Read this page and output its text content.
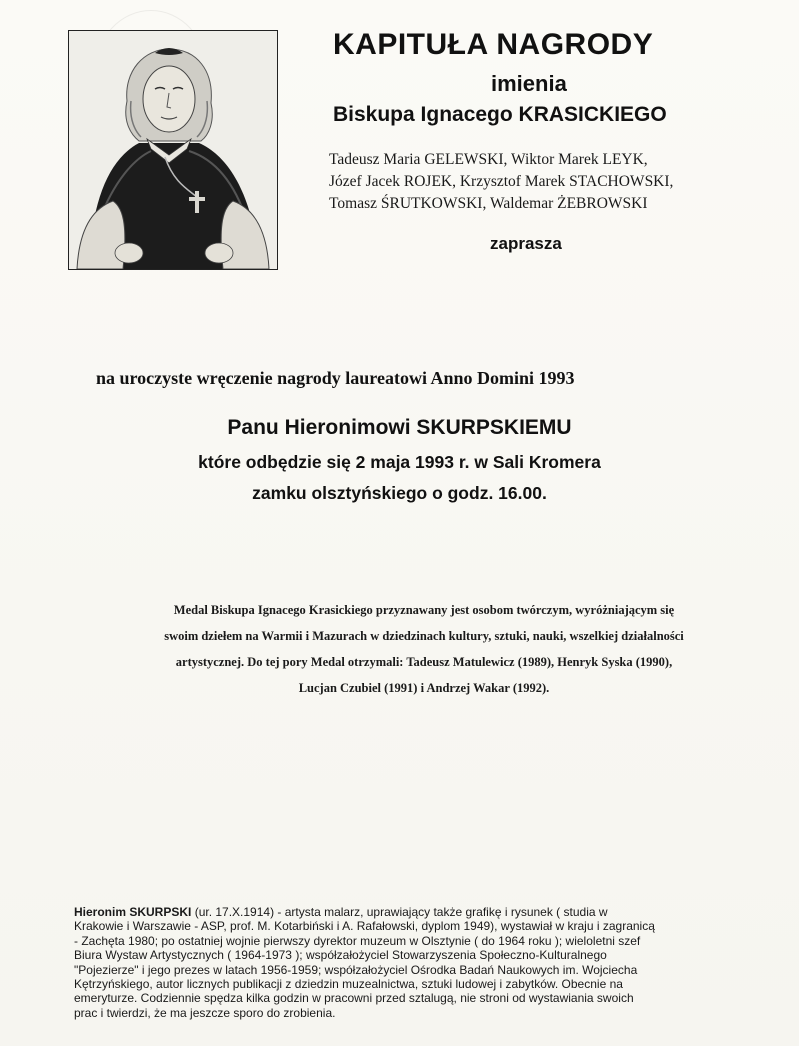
KAPITUŁA NAGRODY
imienia
Biskupa Ignacego KRASICKIEGO
Tadeusz Maria GELEWSKI, Wiktor Marek LEYK,
Józef Jacek ROJEK, Krzysztof Marek STACHOWSKI,
Tomasz ŚRUTKOWSKI, Waldemar ŻEBROWSKI
zaprasza
na uroczyste wręczenie nagrody laureatowi Anno Domini 1993
Panu Hieronimowi SKURPSKIEMU
które odbędzie się 2 maja 1993 r. w Sali Kromera
zamku olsztyńskiego o godz. 16.00.
Medal Biskupa Ignacego Krasickiego przyznawany jest osobom twórczym, wyróżniającym się
swoim dziełem na Warmii i Mazurach w dziedzinach kultury, sztuki, nauki, wszelkiej działalności
artystycznej. Do tej pory Medal otrzymali: Tadeusz Matulewicz (1989), Henryk Syska (1990),
Lucjan Czubiel (1991) i Andrzej Wakar (1992).
Hieronim SKURPSKI (ur. 17.X.1914) - artysta malarz, uprawiający także grafikę i rysunek ( studia w
Krakowie i Warszawie - ASP, prof. M. Kotarbiński i A. Rafałowski, dyplom 1949), wystawiał w kraju i zagranicą
- Zachęta 1980; po ostatniej wojnie pierwszy dyrektor muzeum w Olsztynie ( do 1964 roku ); wieloletni szef
Biura Wystaw Artystycznych ( 1964-1973 ); współzałożyciel Stowarzyszenia Społeczno-Kulturalnego
"Pojezierze" i jego prezes w latach 1956-1959; współzałożyciel Ośrodka Badań Naukowych im. Wojciecha
Kętrzyńskiego, autor licznych publikacji z dziedzin muzealnictwa, sztuki ludowej i zabytków. Obecnie na
emeryturze. Codziennie spędza kilka godzin w pracowni przed sztalugą, nie stroni od wystawiania swoich
prac i twierdzi, że ma jeszcze sporo do zrobienia.
